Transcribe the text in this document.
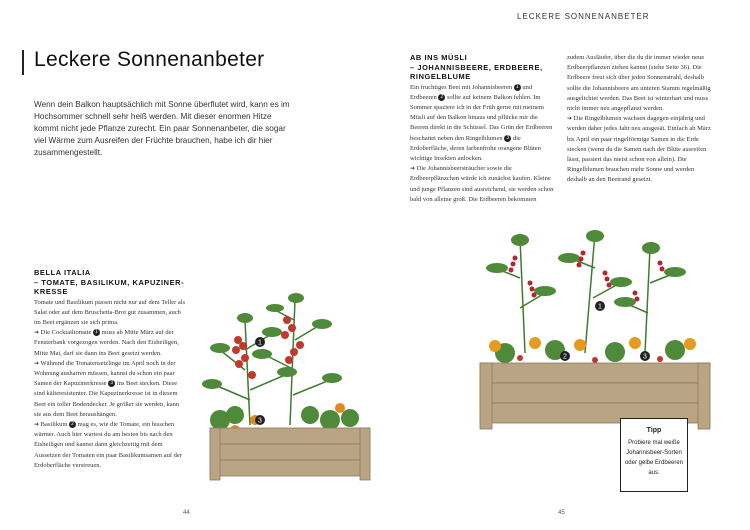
LECKERE SONNENANBETER
Leckere Sonnenanbeter
Wenn dein Balkon hauptsächlich mit Sonne überflutet wird, kann es im Hochsommer schnell sehr heiß werden. Mit dieser enormen Hitze kommt nicht jede Pflanze zurecht. Ein paar Sonnenanbeter, die sogar viel Wärme zum Ausreifen der Früchte brauchen, habe ich dir hier zusammengestellt.
BELLA ITALIA
– TOMATE, BASILIKUM, KAPUZINER-
KRESSE
Tomate und Basilikum passen nicht nur auf dem Teller als Salat oder auf dem Bruschetta-Brot gut zusammen, auch im Beet ergänzen sie sich prima.
➔ Die Cocktailtomate 1 muss ab Mitte März auf der Fensterbank vorgezogen werden. Nach den Eisheiligen, Mitte Mai, darf sie dann ins Beet gesetzt werden.
➔ Während die Tomatensetzlinge im April noch in der Wohnung ausharren müssen, kannst du schon ein paar Samen der Kapuzinerkresse 3 ins Beet stecken. Diese sind kälteresistenter. Die Kapuzinerkresse ist in diesem Beet ein toller Bodendecker. Je größer sie werden, kann sie aus dem Beet heraushängen.
➔ Basilikum 2 mag es, wie die Tomate, ein bisschen wärmer. Auch hier wartest du am besten bis nach den Eisheiligen und kannst dann gleichzeitig mit dem Aussetzen der Tomaten ein paar Basilikumsamen auf der Erdoberfläche verstreuen.
AB INS MÜSLI
– JOHANNISBEERE, ERDBEERE,
RINGELBLUME
Ein fruchtiges Beet mit Johannisbeeren 1 und Erdbeeren 2 sollte auf keinem Balkon fehlen. Im Sommer spaziere ich in der Früh gerne mit meinem Müsli auf den Balkon hinaus und pflücke mir die Beeren direkt in die Schüssel. Das Grün der Erdbeeren beschattet neben den Ringelblumen 3 die Erdoberfläche, deren farbenfrohe orangene Blüten wichtige Insekten anlocken.
➔ Die Johannisbeersträucher sowie die Erdbeerpflänzchen würde ich zunächst kaufen. Kleine und junge Pflanzen sind ausreichend, sie werden schon bald von alleine groß. Die Erdbeeren bekommen
zudem Ausläufer, über die du dir immer wieder neue Erdbeerpflanzen ziehen kannst (siehe Seite 36). Die Erdbeere freut sich über jeden Sonnenstrahl, deshalb sollte die Johannisbeere am unteren Stamm regelmäßig ausgelichtet werden. Das Beet ist winterhart und muss nicht immer neu angepflanzt werden.
➔ Die Ringelblumen wachsen dagegen einjährig und werden daher jedes Jahr neu ausgesät. Einfach ab März bis April ein paar ringelförmige Samen in die Erde stecken (wenn du die Samen nach der Blüte ausreifen lässt, passiert das meist schon von allein). Die Ringelblumen brauchen mehr Sonne und werden deshalb an den Beetrand gesetzt.
1
3
1
2	3
Tipp
Probiere mal weiße Johannisbeer-Sorten oder gelbe Erdbeeren aus.
44	45
